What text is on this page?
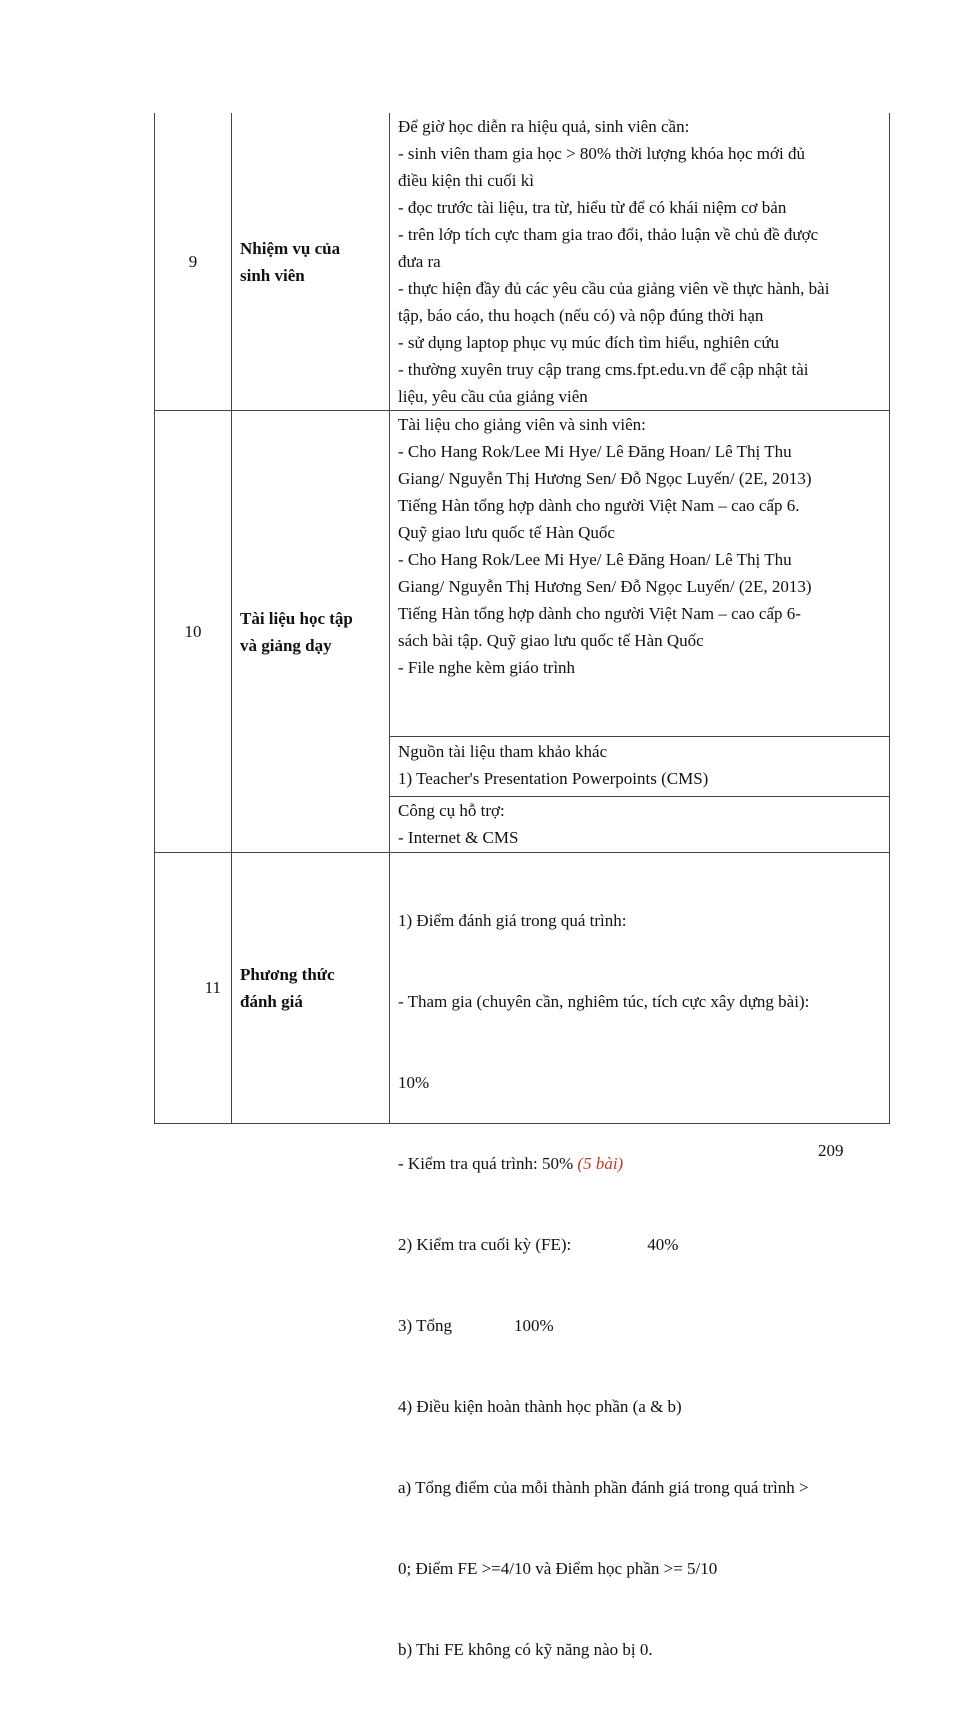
9
Nhiệm vụ của
sinh viên
Để giờ học diễn ra hiệu quả, sinh viên cần:
- sinh viên tham gia học > 80% thời lượng khóa học mới đủ
điều kiện thi cuối kì
- đọc trước tài liệu, tra từ, hiểu từ để có khái niệm cơ bản
- trên lớp tích cực tham gia trao đổi, thảo luận về chủ đề được
đưa ra
- thực hiện đầy đủ các yêu cầu của giảng viên về thực hành, bài
tập, báo cáo, thu hoạch (nếu có) và nộp đúng thời hạn
- sử dụng laptop phục vụ múc đích tìm hiểu, nghiên cứu
- thường xuyên truy cập trang cms.fpt.edu.vn để cập nhật tài
liệu, yêu cầu của giảng viên
10
Tài liệu học tập
và giảng dạy
Tài liệu cho giảng viên và sinh viên:
- Cho Hang Rok/Lee Mi Hye/ Lê Đăng Hoan/ Lê Thị Thu
Giang/ Nguyễn Thị Hương Sen/ Đỗ Ngọc Luyến/ (2E, 2013)
Tiếng Hàn tổng hợp dành cho người Việt Nam – cao cấp 6.
Quỹ giao lưu quốc tế Hàn Quốc
- Cho Hang Rok/Lee Mi Hye/ Lê Đăng Hoan/ Lê Thị Thu
Giang/ Nguyễn Thị Hương Sen/ Đỗ Ngọc Luyến/ (2E, 2013)
Tiếng Hàn tổng hợp dành cho người Việt Nam – cao cấp 6-
sách bài tập. Quỹ giao lưu quốc tế Hàn Quốc
- File nghe kèm giáo trình
Nguồn tài liệu tham khảo khác
1) Teacher's Presentation Powerpoints (CMS)
Công cụ hỗ trợ:
- Internet & CMS
11
Phương thức
đánh giá

1) Điểm đánh giá trong quá trình:

- Tham gia (chuyên cần, nghiêm túc, tích cực xây dựng bài):

10%

- Kiểm tra quá trình: 50% (5 bài)

2) Kiểm tra cuối kỳ (FE):	40%

3) Tổng	100%

4) Điều kiện hoàn thành học phần (a & b)

a) Tổng điểm của mỗi thành phần đánh giá trong quá trình >

0; Điểm FE >=4/10 và Điểm học phần >= 5/10

b) Thi FE không có kỹ năng nào bị 0.

209
